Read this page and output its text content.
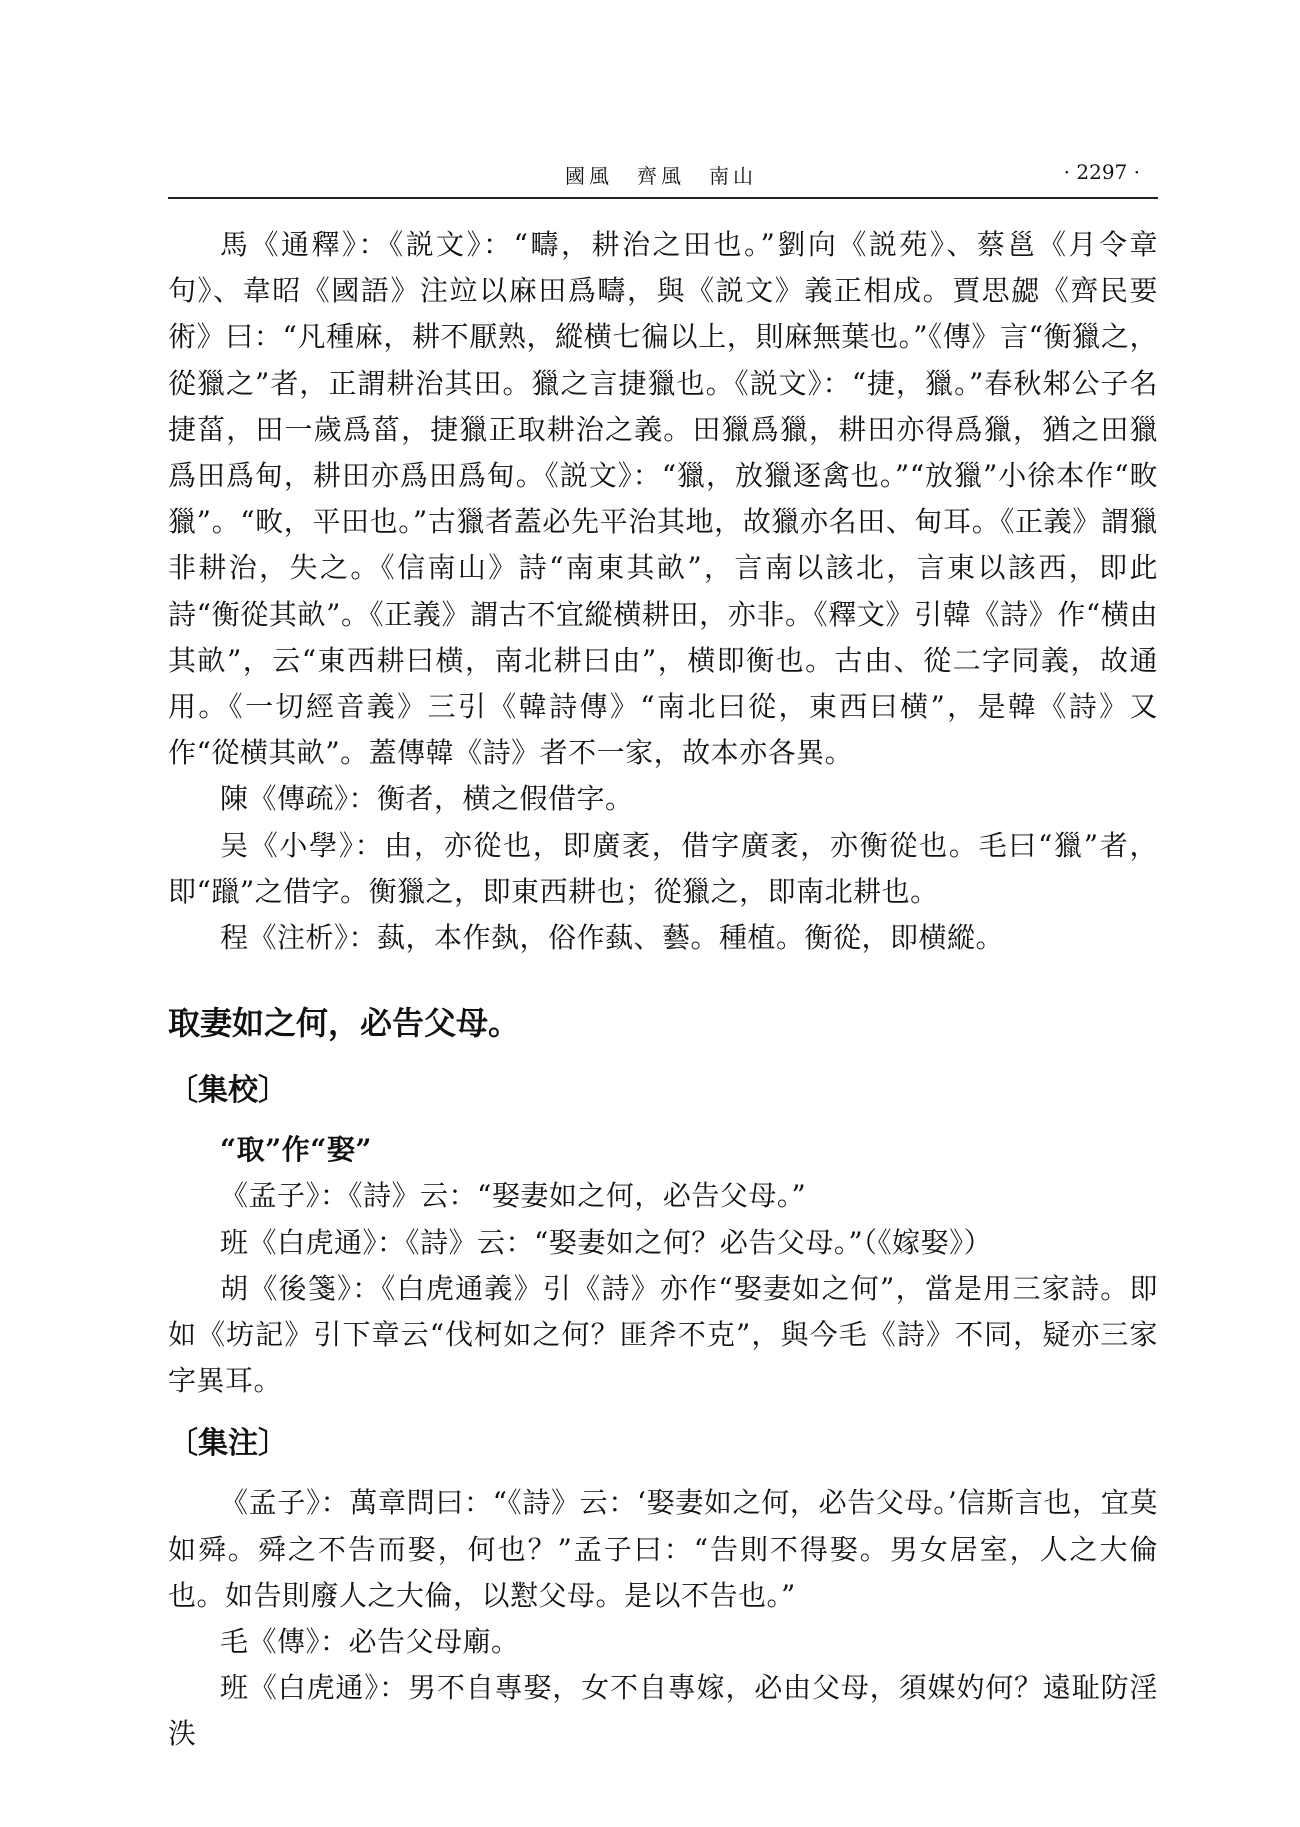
國風　齊風　南山	· 2297 ·

馬《通釋》：《説文》：“疇，耕治之田也。”劉向《説苑》、蔡邕《月令章句》、韋昭《國語》注竝以麻田爲疇，與《説文》義正相成。賈思勰《齊民要術》曰：“凡種麻，耕不厭熟，縱横七徧以上，則麻無葉也。”《傳》言“衡獵之，從獵之”者，正謂耕治其田。獵之言捷獵也。《説文》：“捷，獵。”春秋邾公子名捷菑，田一歲爲菑，捷獵正取耕治之義。田獵爲獵，耕田亦得爲獵，猶之田獵爲田爲甸，耕田亦爲田爲甸。《説文》：“獵，放獵逐禽也。”“放獵”小徐本作“畋獵”。“畋，平田也。”古獵者蓋必先平治其地，故獵亦名田、甸耳。《正義》謂獵非耕治，失之。《信南山》詩“南東其畝”，言南以該北，言東以該西，即此詩“衡從其畝”。《正義》謂古不宜縱横耕田，亦非。《釋文》引韓《詩》作“横由其畝”，云“東西耕曰横，南北耕曰由”，横即衡也。古由、從二字同義，故通用。《一切經音義》三引《韓詩傳》“南北曰從，東西曰横”，是韓《詩》又作“從横其畝”。蓋傳韓《詩》者不一家，故本亦各異。

陳《傳疏》：衡者，横之假借字。

吴《小學》：由，亦從也，即廣袤，借字廣袤，亦衡從也。毛曰“獵”者，即“躐”之借字。衡獵之，即東西耕也；從獵之，即南北耕也。

程《注析》：蓺，本作埶，俗作蓺、藝。種植。衡從，即横縱。

取妻如之何，必告父母。
〔集校〕

“取”作“娶”

《孟子》：《詩》云：“娶妻如之何，必告父母。”

班《白虎通》：《詩》云：“娶妻如之何？必告父母。”（《嫁娶》）

胡《後箋》：《白虎通義》引《詩》亦作“娶妻如之何”，當是用三家詩。即如《坊記》引下章云“伐柯如之何？匪斧不克”，與今毛《詩》不同，疑亦三家字異耳。

〔集注〕

《孟子》：萬章問曰：“《詩》云：‘娶妻如之何，必告父母。’信斯言也，宜莫如舜。舜之不告而娶，何也？”孟子曰：“告則不得娶。男女居室，人之大倫也。如告則廢人之大倫，以懟父母。是以不告也。”

毛《傳》：必告父母廟。

班《白虎通》：男不自專娶，女不自專嫁，必由父母，須媒妁何？遠耻防淫泆
